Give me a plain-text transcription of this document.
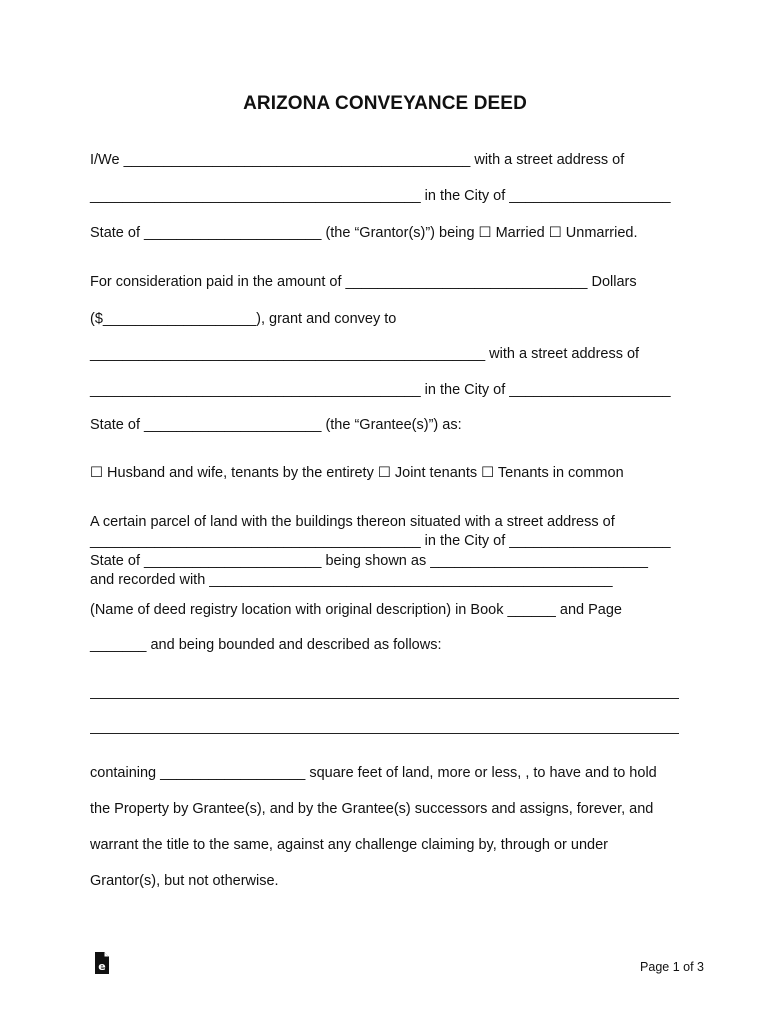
ARIZONA CONVEYANCE DEED
I/We ___________________________________________ with a street address of
_________________________________________ in the City of ____________________
State of ______________________ (the “Grantor(s)”) being ☐ Married ☐ Unmarried.
For consideration paid in the amount of ______________________________ Dollars
($___________________), grant and convey to
_________________________________________________ with a street address of
_________________________________________ in the City of ____________________
State of ______________________ (the “Grantee(s)”) as:
☐ Husband and wife, tenants by the entirety ☐ Joint tenants ☐ Tenants in common
A certain parcel of land with the buildings thereon situated with a street address of
_________________________________________ in the City of ____________________
State of ______________________ being shown as ___________________________
and recorded with __________________________________________________
(Name of deed registry location with original description) in Book ______ and Page
_______ and being bounded and described as follows:
containing __________________ square feet of land, more or less, , to have and to hold
the Property by Grantee(s), and by the Grantee(s) successors and assigns, forever, and
warrant the title to the same, against any challenge claiming by, through or under
Grantor(s), but not otherwise.
e	Page 1 of 3
